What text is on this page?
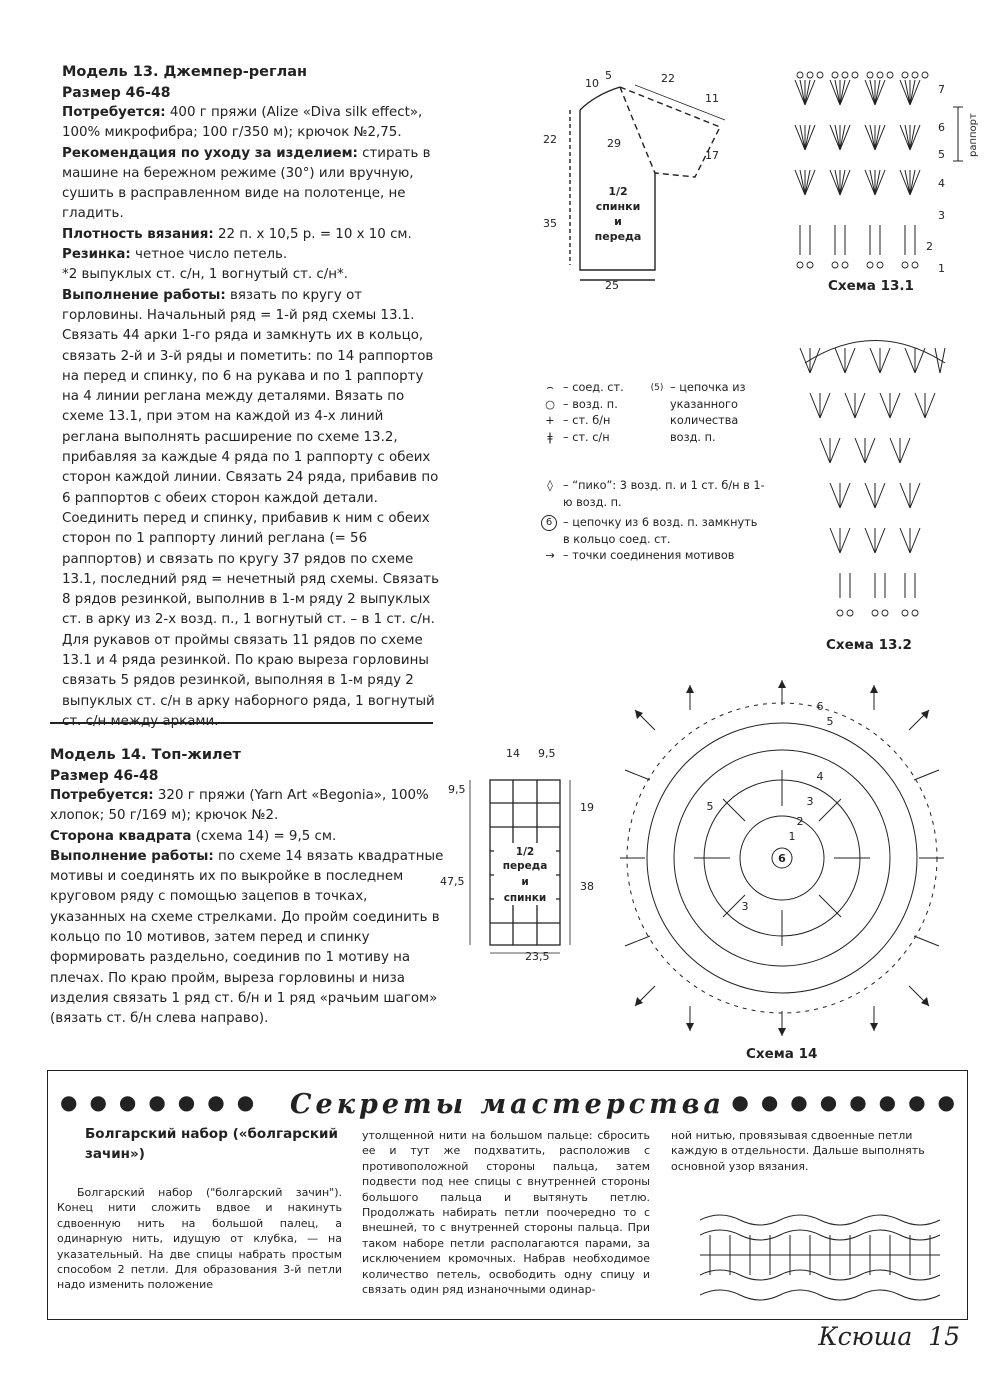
Модель 13. Джемпер-реглан
Размер 46-48

Потребуется: 400 г пряжи (Alize «Diva silk effect», 100% микрофибра; 100 г/350 м); крючок №2,75.

Рекомендация по уходу за изделием: стирать в машине на бережном режиме (30°) или вручную, сушить в расправленном виде на полотенце, не гладить.

Плотность вязания: 22 п. х 10,5 р. = 10 х 10 см.

Резинка: четное число петель.

*2 выпуклых ст. с/н, 1 вогнутый ст. с/н*.

Выполнение работы: вязать по кругу от горловины. Начальный ряд = 1-й ряд схемы 13.1. Связать 44 арки 1-го ряда и замкнуть их в кольцо, связать 2-й и 3-й ряды и пометить: по 14 раппортов на перед и спинку, по 6 на рукава и по 1 раппорту на 4 линии реглана между деталями. Вязать по схеме 13.1, при этом на каждой из 4-х линий реглана выполнять расширение по схеме 13.2, прибавляя за каждые 4 ряда по 1 раппорту с обеих сторон каждой линии. Связать 24 ряда, прибавив по 6 раппортов с обеих сторон каждой детали. Соединить перед и спинку, прибавив к ним с обеих сторон по 1 раппорту линий реглана (= 56 раппортов) и связать по кругу 37 рядов по схеме 13.1, последний ряд = нечетный ряд схемы. Связать 8 рядов резинкой, выполнив в 1-м ряду 2 выпуклых ст. в арку из 2-х возд. п., 1 вогнутый ст. – в 1 ст. с/н. Для рукавов от проймы связать 11 рядов по схеме 13.1 и 4 ряда резинкой. По краю выреза горловины связать 5 рядов резинкой, выполняя в 1-м ряду 2 выпуклых ст. с/н в арку наборного ряда, 1 вогнутый

Модель 14. Топ-жилет
Размер 46-48

Потребуется: 320 г пряжи (Yarn Art «Begonia», 100% хлопок; 50 г/169 м); крючок №2.

Сторона квадрата (схема 14) = 9,5 см.

Выполнение работы: по схеме 14 вязать квадратные мотивы и соединять их по выкройке в последнем круговом ряду с помощью зацепов в точках, указанных на схеме стрелками. До пройм соединить в кольцо по 10 мотивов, затем перед и спинку формировать раздельно, соединив по 1 мотиву на плечах. По краю пройм, выреза горловины и низа изделия связать 1 ряд ст. б/н и 1 ряд «рачьим шагом» (вязать ст. б/н слева направо).

10
5	22
11
22	29
17
35
25
1/2
спинки
и
переда
7
6
5
4
3
2
1
раппорт
Схема 13.1
Схема 13.2
⌢ – соед. ст.
○ – возд. п.
+ – ст. б/н
ǂ – ст. с/н
(5) – цепочка из указанного количества возд. п.
◊ – “пико”: 3 возд. п. и 1 ст. б/н в 1-ю возд. п.
6 – цепочку из 6 возд. п. замкнуть в кольцо соед. ст.
→ – точки соединения мотивов
14 9,5
9,5
19
47,5	38
23,5
1/2
переда
и
спинки
6
6
5
4
3
2
1
3
5
Схема 14
●●●●●●● Секреты мастерства ●●●●●●●●
Болгарский набор («болгарский зачин»)
Болгарский набор ("болгарский зачин"). Конец нити сложить вдвое и накинуть сдвоенную нить на большой палец, а одинарную нить, идущую от клубка, — на указательный. На две спицы набрать простым способом 2 петли. Для образования 3-й петли надо изменить положение
утолщенной нити на большом пальце: сбросить ее и тут же подхватить, расположив с противоположной стороны пальца, затем подвести под нее спицы с внутренней стороны большого пальца и вытянуть петлю. Продолжать набирать петли поочередно то с внешней, то с внутренней стороны пальца. При таком наборе петли располагаются парами, за исключением кромочных. Набрав необходимое количество петель, освободить одну спицу и связать один ряд изнаночными одинар-
ной нитью, провязывая сдвоенные петли каждую в отдельности. Дальше выполнять основной узор вязания.
Ксюша 15
